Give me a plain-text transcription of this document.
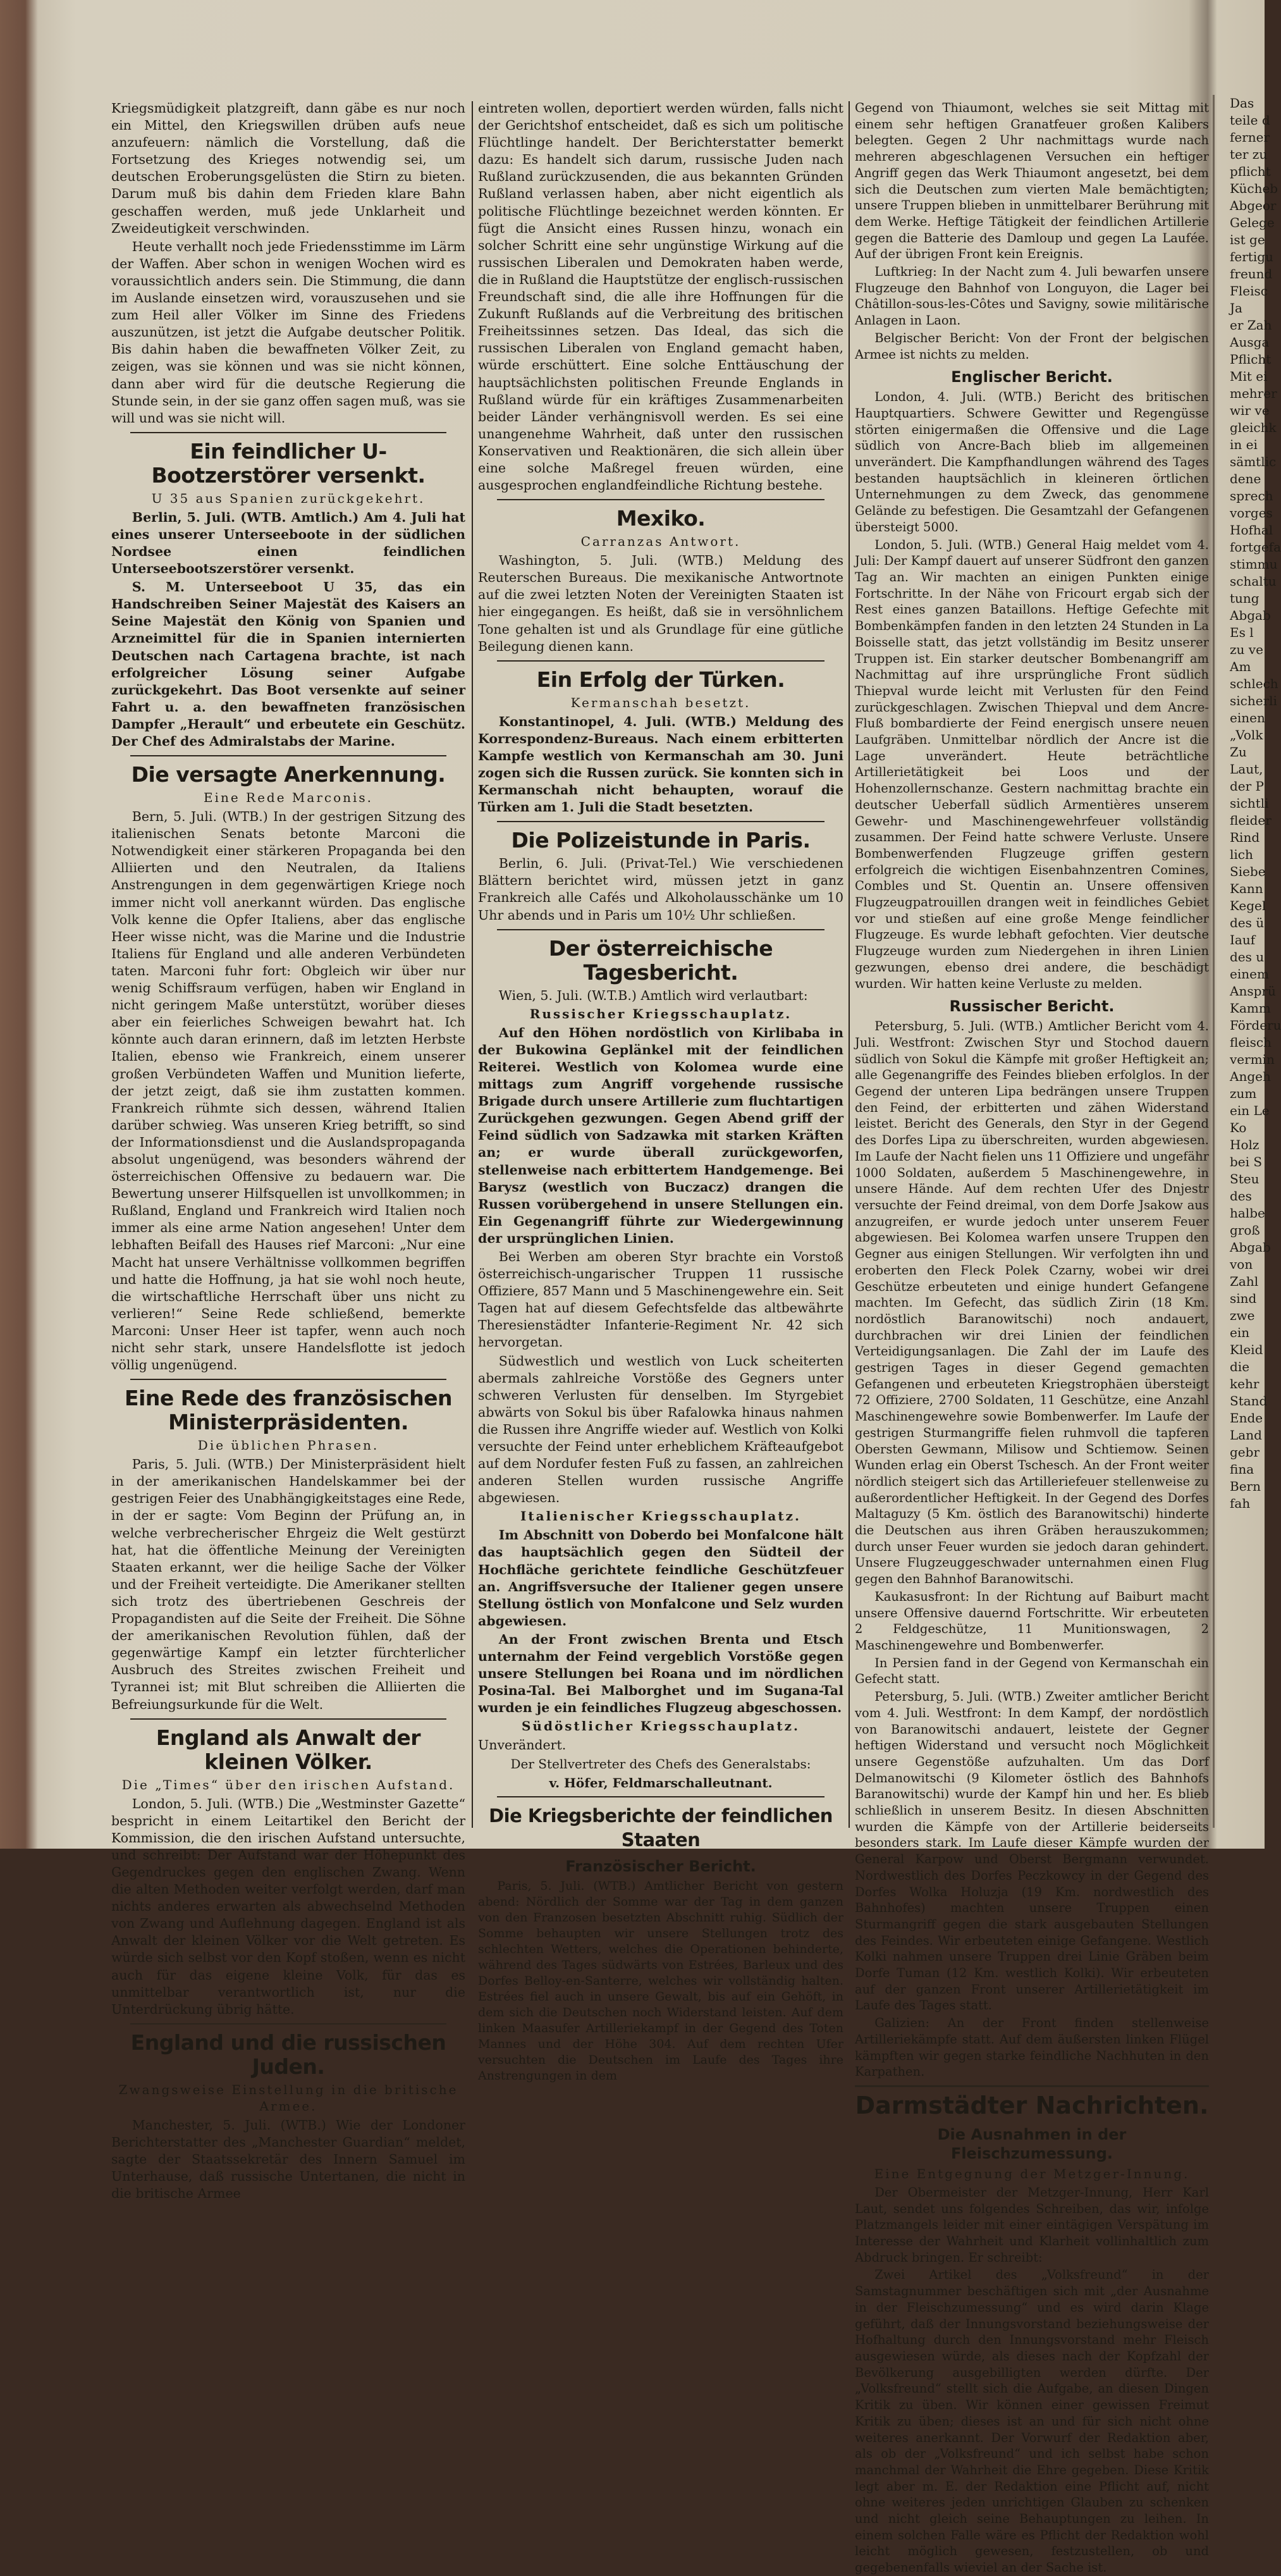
Kriegsmüdigkeit platzgreift, dann gäbe es nur noch ein Mittel, den Kriegswillen drüben aufs neue anzufeuern: nämlich die Vorstellung, daß die Fortsetzung des Krieges notwendig sei, um deutschen Eroberungsgelüsten die Stirn zu bieten. Darum muß bis dahin dem Frieden klare Bahn geschaffen werden, muß jede Unklarheit und Zweideutigkeit verschwinden.

Heute verhallt noch jede Friedensstimme im Lärm der Waffen. Aber schon in wenigen Wochen wird es voraussichtlich anders sein. Die Stimmung, die dann im Auslande einsetzen wird, vorauszusehen und sie zum Heil aller Völker im Sinne des Friedens auszunützen, ist jetzt die Aufgabe deutscher Politik. Bis dahin haben die bewaffneten Völker Zeit, zu zeigen, was sie können und was sie nicht können, dann aber wird für die deutsche Regierung die Stunde sein, in der sie ganz offen sagen muß, was sie will und was sie nicht will.

Ein feindlicher U-Bootzerstörer versenkt.
U 35 aus Spanien zurückgekehrt.

Berlin, 5. Juli. (WTB. Amtlich.) Am 4. Juli hat eines unserer Unterseeboote in der südlichen Nordsee einen feindlichen Unterseebootszerstörer versenkt.

S. M. Unterseeboot U 35, das ein Handschreiben Seiner Majestät des Kaisers an Seine Majestät den König von Spanien und Arzneimittel für die in Spanien internierten Deutschen nach Cartagena brachte, ist nach erfolgreicher Lösung seiner Aufgabe zurückgekehrt. Das Boot versenkte auf seiner Fahrt u. a. den bewaffneten französischen Dampfer „Herault“ und erbeutete ein Geschütz. Der Chef des Admiralstabs der Marine.

Die versagte Anerkennung.
Eine Rede Marconis.

Bern, 5. Juli. (WTB.) In der gestrigen Sitzung des italienischen Senats betonte Marconi die Notwendigkeit einer stärkeren Propaganda bei den Alliierten und den Neutralen, da Italiens Anstrengungen in dem gegenwärtigen Kriege noch immer nicht voll anerkannt würden. Das englische Volk kenne die Opfer Italiens, aber das englische Heer wisse nicht, was die Marine und die Industrie Italiens für England und alle anderen Verbündeten taten. Marconi fuhr fort: Obgleich wir über nur wenig Schiffsraum verfügen, haben wir England in nicht geringem Maße unterstützt, worüber dieses aber ein feierliches Schweigen bewahrt hat. Ich könnte auch daran erinnern, daß im letzten Herbste Italien, ebenso wie Frankreich, einem unserer großen Verbündeten Waffen und Munition lieferte, der jetzt zeigt, daß sie ihm zustatten kommen. Frankreich rühmte sich dessen, während Italien darüber schwieg. Was unseren Krieg betrifft, so sind der Informationsdienst und die Auslandspropaganda absolut ungenügend, was besonders während der österreichischen Offensive zu bedauern war. Die Bewertung unserer Hilfsquellen ist unvollkommen; in Rußland, England und Frankreich wird Italien noch immer als eine arme Nation angesehen! Unter dem lebhaften Beifall des Hauses rief Marconi: „Nur eine Macht hat unsere Verhältnisse vollkommen begriffen und hatte die Hoffnung, ja hat sie wohl noch heute, die wirtschaftliche Herrschaft über uns nicht zu verlieren!“ Seine Rede schließend, bemerkte Marconi: Unser Heer ist tapfer, wenn auch noch nicht sehr stark, unsere Handelsflotte ist jedoch völlig ungenügend.

Eine Rede des französischen Ministerpräsidenten.
Die üblichen Phrasen.

Paris, 5. Juli. (WTB.) Der Ministerpräsident hielt in der amerikanischen Handelskammer bei der gestrigen Feier des Unabhängigkeitstages eine Rede, in der er sagte: Vom Beginn der Prüfung an, in welche verbrecherischer Ehrgeiz die Welt gestürzt hat, hat die öffentliche Meinung der Vereinigten Staaten erkannt, wer die heilige Sache der Völker und der Freiheit verteidigte. Die Amerikaner stellten sich trotz des übertriebenen Geschreis der Propagandisten auf die Seite der Freiheit. Die Söhne der amerikanischen Revolution fühlen, daß der gegenwärtige Kampf ein letzter fürchterlicher Ausbruch des Streites zwischen Freiheit und Tyrannei ist; mit Blut schreiben die Alliierten die Befreiungsurkunde für die Welt.

England als Anwalt der kleinen Völker.
Die „Times“ über den irischen Aufstand.

London, 5. Juli. (WTB.) Die „Westminster Gazette“ bespricht in einem Leitartikel den Bericht der Kommission, die den irischen Aufstand untersuchte, und schreibt: Der Aufstand war der Höhepunkt des Gegendruckes gegen den englischen Zwang. Wenn die alten Methoden weiter verfolgt werden, darf man nichts anderes erwarten als abwechselnd Methoden von Zwang und Auflehnung dagegen. England ist als Anwalt der kleinen Völker vor die Welt getreten. Es würde sich selbst vor den Kopf stoßen, wenn es nicht auch für das eigene kleine Volk, für das es unmittelbar verantwortlich ist, nur die Unterdrückung übrig hätte.

England und die russischen Juden.
Zwangsweise Einstellung in die britische Armee.

Manchester, 5. Juli. (WTB.) Wie der Londoner Berichterstatter des „Manchester Guardian“ meldet, sagte der Staatssekretär des Innern Samuel im Unterhause, daß russische Untertanen, die nicht in die britische Armee

eintreten wollen, deportiert werden würden, falls nicht der Gerichtshof entscheidet, daß es sich um politische Flüchtlinge handelt. Der Berichterstatter bemerkt dazu: Es handelt sich darum, russische Juden nach Rußland zurückzusenden, die aus bekannten Gründen Rußland verlassen haben, aber nicht eigentlich als politische Flüchtlinge bezeichnet werden könnten. Er fügt die Ansicht eines Russen hinzu, wonach ein solcher Schritt eine sehr ungünstige Wirkung auf die russischen Liberalen und Demokraten haben werde, die in Rußland die Hauptstütze der englisch-russischen Freundschaft sind, die alle ihre Hoffnungen für die Zukunft Rußlands auf die Verbreitung des britischen Freiheitssinnes setzen. Das Ideal, das sich die russischen Liberalen von England gemacht haben, würde erschüttert. Eine solche Enttäuschung der hauptsächlichsten politischen Freunde Englands in Rußland würde für ein kräftiges Zusammenarbeiten beider Länder verhängnisvoll werden. Es sei eine unangenehme Wahrheit, daß unter den russischen Konservativen und Reaktionären, die sich allein über eine solche Maßregel freuen würden, eine ausgesprochen englandfeindliche Richtung bestehe.

Mexiko.
Carranzas Antwort.

Washington, 5. Juli. (WTB.) Meldung des Reuterschen Bureaus. Die mexikanische Antwortnote auf die zwei letzten Noten der Vereinigten Staaten ist hier eingegangen. Es heißt, daß sie in versöhnlichem Tone gehalten ist und als Grundlage für eine gütliche Beilegung dienen kann.

Ein Erfolg der Türken.
Kermanschah besetzt.

Konstantinopel, 4. Juli. (WTB.) Meldung des Korrespondenz-Bureaus. Nach einem erbitterten Kampfe westlich von Kermanschah am 30. Juni zogen sich die Russen zurück. Sie konnten sich in Kermanschah nicht behaupten, worauf die Türken am 1. Juli die Stadt besetzten.

Die Polizeistunde in Paris.

Berlin, 6. Juli. (Privat-Tel.) Wie verschiedenen Blättern berichtet wird, müssen jetzt in ganz Frankreich alle Cafés und Alkoholausschänke um 10 Uhr abends und in Paris um 10½ Uhr schließen.

Der österreichische Tagesbericht.

Wien, 5. Juli. (W.T.B.) Amtlich wird verlautbart:

Russischer Kriegsschauplatz.

Auf den Höhen nordöstlich von Kirlibaba in der Bukowina Geplänkel mit der feindlichen Reiterei. Westlich von Kolomea wurde eine mittags zum Angriff vorgehende russische Brigade durch unsere Artillerie zum fluchtartigen Zurückgehen gezwungen. Gegen Abend griff der Feind südlich von Sadzawka mit starken Kräften an; er wurde überall zurückgeworfen, stellenweise nach erbittertem Handgemenge. Bei Barysz (westlich von Buczacz) drangen die Russen vorübergehend in unsere Stellungen ein. Ein Gegenangriff führte zur Wiedergewinnung der ursprünglichen Linien.

Bei Werben am oberen Styr brachte ein Vorstoß österreichisch-ungarischer Truppen 11 russische Offiziere, 857 Mann und 5 Maschinengewehre ein. Seit Tagen hat auf diesem Gefechtsfelde das altbewährte Theresienstädter Infanterie-Regiment Nr. 42 sich hervorgetan.

Südwestlich und westlich von Luck scheiterten abermals zahlreiche Vorstöße des Gegners unter schweren Verlusten für denselben. Im Styrgebiet abwärts von Sokul bis über Rafalowka hinaus nahmen die Russen ihre Angriffe wieder auf. Westlich von Kolki versuchte der Feind unter erheblichem Kräfteaufgebot auf dem Nordufer festen Fuß zu fassen, an zahlreichen anderen Stellen wurden russische Angriffe abgewiesen.

Italienischer Kriegsschauplatz.

Im Abschnitt von Doberdo bei Monfalcone hält das hauptsächlich gegen den Südteil der Hochfläche gerichtete feindliche Geschützfeuer an. Angriffsversuche der Italiener gegen unsere Stellung östlich von Monfalcone und Selz wurden abgewiesen.

An der Front zwischen Brenta und Etsch unternahm der Feind vergeblich Vorstöße gegen unsere Stellungen bei Roana und im nördlichen Posina-Tal. Bei Malborghet und im Sugana-Tal wurden je ein feindliches Flugzeug abgeschossen.

Südöstlicher Kriegsschauplatz.

Unverändert.

Der Stellvertreter des Chefs des Generalstabs:
v. Höfer, Feldmarschalleutnant.
Die Kriegsberichte der feindlichen Staaten
Französischer Bericht.

Paris, 5. Juli. (WTB.) Amtlicher Bericht von gestern abend: Nördlich der Somme war der Tag in dem ganzen von den Franzosen besetzten Abschnitt ruhig. Südlich der Somme behaupten wir unsere Stellungen trotz des schlechten Wetters, welches die Operationen behinderte, während des Tages südwärts von Estrées, Barleux und des Dorfes Belloy-en-Santerre, welches wir vollständig halten. Estrées fiel auch in unsere Gewalt, bis auf ein Gehöft, in dem sich die Deutschen noch Widerstand leisten. Auf dem linken Maasufer Artilleriekampf in der Gegend des Toten Mannes und der Höhe 304. Auf dem rechten Ufer versuchten die Deutschen im Laufe des Tages ihre Anstrengungen in dem

Gegend von Thiaumont, welches sie seit Mittag mit einem sehr heftigen Granatfeuer großen Kalibers belegten. Gegen 2 Uhr nachmittags wurde nach mehreren abgeschlagenen Versuchen ein heftiger Angriff gegen das Werk Thiaumont angesetzt, bei dem sich die Deutschen zum vierten Male bemächtigten; unsere Truppen blieben in unmittelbarer Berührung mit dem Werke. Heftige Tätigkeit der feindlichen Artillerie gegen die Batterie des Damloup und gegen La Laufée. Auf der übrigen Front kein Ereignis.

Luftkrieg: In der Nacht zum 4. Juli bewarfen unsere Flugzeuge den Bahnhof von Longuyon, die Lager bei Châtillon-sous-les-Côtes und Savigny, sowie militärische Anlagen in Laon.

Belgischer Bericht: Von der Front der belgischen Armee ist nichts zu melden.

Englischer Bericht.

London, 4. Juli. (WTB.) Bericht des britischen Hauptquartiers. Schwere Gewitter und Regengüsse störten einigermaßen die Offensive und die Lage südlich von Ancre-Bach blieb im allgemeinen unverändert. Die Kampfhandlungen während des Tages bestanden hauptsächlich in kleineren örtlichen Unternehmungen zu dem Zweck, das genommene Gelände zu befestigen. Die Gesamtzahl der Gefangenen übersteigt 5000.

London, 5. Juli. (WTB.) General Haig meldet vom 4. Juli: Der Kampf dauert auf unserer Südfront den ganzen Tag an. Wir machten an einigen Punkten einige Fortschritte. In der Nähe von Fricourt ergab sich der Rest eines ganzen Bataillons. Heftige Gefechte mit Bombenkämpfen fanden in den letzten 24 Stunden in La Boisselle statt, das jetzt vollständig im Besitz unserer Truppen ist. Ein starker deutscher Bombenangriff am Nachmittag auf ihre ursprüngliche Front südlich Thiepval wurde leicht mit Verlusten für den Feind zurückgeschlagen. Zwischen Thiepval und dem Ancre-Fluß bombardierte der Feind energisch unsere neuen Laufgräben. Unmittelbar nördlich der Ancre ist die Lage unverändert. Heute beträchtliche Artillerietätigkeit bei Loos und der Hohenzollernschanze. Gestern nachmittag brachte ein deutscher Ueberfall südlich Armentières unserem Gewehr- und Maschinengewehrfeuer vollständig zusammen. Der Feind hatte schwere Verluste. Unsere Bombenwerfenden Flugzeuge griffen gestern erfolgreich die wichtigen Eisenbahnzentren Comines, Combles und St. Quentin an. Unsere offensiven Flugzeugpatrouillen drangen weit in feindliches Gebiet vor und stießen auf eine große Menge feindlicher Flugzeuge. Es wurde lebhaft gefochten. Vier deutsche Flugzeuge wurden zum Niedergehen in ihren Linien gezwungen, ebenso drei andere, die beschädigt wurden. Wir hatten keine Verluste zu melden.

Russischer Bericht.

Petersburg, 5. Juli. (WTB.) Amtlicher Bericht vom 4. Juli. Westfront: Zwischen Styr und Stochod dauern südlich von Sokul die Kämpfe mit großer Heftigkeit an; alle Gegenangriffe des Feindes blieben erfolglos. In der Gegend der unteren Lipa bedrängen unsere Truppen den Feind, der erbitterten und zähen Widerstand leistet. Bericht des Generals, den Styr in der Gegend des Dorfes Lipa zu überschreiten, wurden abgewiesen. Im Laufe der Nacht fielen uns 11 Offiziere und ungefähr 1000 Soldaten, außerdem 5 Maschinengewehre, in unsere Hände. Auf dem rechten Ufer des Dnjestr versuchte der Feind dreimal, von dem Dorfe Jsakow aus anzugreifen, er wurde jedoch unter unserem Feuer abgewiesen. Bei Kolomea warfen unsere Truppen den Gegner aus einigen Stellungen. Wir verfolgten ihn und eroberten den Fleck Polek Czarny, wobei wir drei Geschütze erbeuteten und einige hundert Gefangene machten. Im Gefecht, das südlich Zirin (18 Km. nordöstlich Baranowitschi) noch andauert, durchbrachen wir drei Linien der feindlichen Verteidigungsanlagen. Die Zahl der im Laufe des gestrigen Tages in dieser Gegend gemachten Gefangenen und erbeuteten Kriegstrophäen übersteigt 72 Offiziere, 2700 Soldaten, 11 Geschütze, eine Anzahl Maschinengewehre sowie Bombenwerfer. Im Laufe der gestrigen Sturmangriffe fielen ruhmvoll die tapferen Obersten Gewmann, Milisow und Schtiemow. Seinen Wunden erlag ein Oberst Tschesch. An der Front weiter nördlich steigert sich das Artilleriefeuer stellenweise zu außerordentlicher Heftigkeit. In der Gegend des Dorfes Maltaguzy (5 Km. östlich des Baranowitschi) hinderte die Deutschen aus ihren Gräben herauszukommen; durch unser Feuer wurden sie jedoch daran gehindert. Unsere Flugzeuggeschwader unternahmen einen Flug gegen den Bahnhof Baranowitschi.

Kaukasusfront: In der Richtung auf Baiburt macht unsere Offensive dauernd Fortschritte. Wir erbeuteten 2 Feldgeschütze, 11 Munitionswagen, 2 Maschinengewehre und Bombenwerfer.

In Persien fand in der Gegend von Kermanschah ein Gefecht statt.

Petersburg, 5. Juli. (WTB.) Zweiter amtlicher Bericht vom 4. Juli. Westfront: In dem Kampf, der nordöstlich von Baranowitschi andauert, leistete der Gegner heftigen Widerstand und versucht noch Möglichkeit unsere Gegenstöße aufzuhalten. Um das Dorf Delmanowitschi (9 Kilometer östlich des Bahnhofs Baranowitschi) wurde der Kampf hin und her. Es blieb schließlich in unserem Besitz. In diesen Abschnitten wurden die Kämpfe von der Artillerie beiderseits besonders stark. Im Laufe dieser Kämpfe wurden der General Karpow und Oberst Bergmann verwundet. Nordwestlich des Dorfes Peczkowcy in der Gegend des Dorfes Wolka Holuzja (19 Km. nordwestlich des Bahnhofes) machten unsere Truppen einen Sturmangriff gegen die stark ausgebauten Stellungen des Feindes. Wir erbeuteten einige Gefangene. Westlich Kolki nahmen unsere Truppen drei Linie Gräben beim Dorfe Tuman (12 Km. westlich Kolki). Wir erbeuteten auf der ganzen Front unserer Artillerietätigkeit im Laufe des Tages statt.

Galizien: An der Front finden stellenweise Artilleriekämpfe statt. Auf dem äußersten linken Flügel kämpften wir gegen starke feindliche Nachhuten in den Karpathen.

Darmstädter Nachrichten.
Die Ausnahmen in der Fleischzumessung.
Eine Entgegnung der Metzger-Innung.

Der Obermeister der Metzger-Innung, Herr Karl Laut, sendet uns folgendes Schreiben, das wir, infolge Platzmangels leider mit einer eintägigen Verspätung im Interesse der Wahrheit und Klarheit vollinhaltlich zum Abdruck bringen. Er schreibt:

Zwei Artikel des „Volksfreund“ in der Samstagnummer beschäftigen sich mit „der Ausnahme in der Fleischzumessung“ und es wird darin Klage geführt, daß der Innungsvorstand beziehungsweise der Hofhaltung durch den Innungsvorstand mehr Fleisch ausgewiesen würde, als dieses nach der Kopfzahl der Bevölkerung ausgebilligten werden dürfte. Der „Volksfreund“ stellt sich die Aufgabe, an diesen Dingen Kritik zu üben. Wir können einer gewissen Freimut Kritik zu üben; dieses ist an und für sich nicht ohne weiteres anerkannt. Der Vorwurf der Redaktion aber, als ob der „Volksfreund“ und ich selbst habe schon manchmal der Wahrheit die Ehre gegeben. Diese Kritik legt aber m. E. der Redaktion eine Pflicht auf, nicht ohne weiteres jeden unrichtigen Glauben zu schenken und nicht gleich seine Behauptungen zu leihen. In einem solchen Falle wäre es Pflicht der Redaktion wohl leicht möglich gewesen, festzustellen, ob und gegebenenfalls wieviel an der Sache ist.

Das
teile d
ferner
ter zu
pflicht
Kücheb
Abgeor
Gelege
ist ge
fertigu
freund
Fleisc
Ja
er Zah
Ausga
Pflicht
Mit ei
mehrer
wir ve
gleichk
in ei
sämtlic
dene
sprech
vorges
Hofhal
fortgefa
stimmu
schaltu
tung
Abgab
Es l
zu ve
Am
schlech
sicherli
einen
„Volk
Zu
Laut,
der P
sichtli
fleider
Rind
lich
Siebe
Kann
Kegel
des ü
Iauf
des u
einem
Ansprü
Kamm
Förderu
fleisch
vermin
Angeh
zum
ein Le
Ko
Holz
bei S
Steu
des
halbe
groß
Abgab
von
Zahl
sind
zwe
ein
Kleid
die
kehr
Stand
Ende
Land
gebr
fina
Bern
fah
